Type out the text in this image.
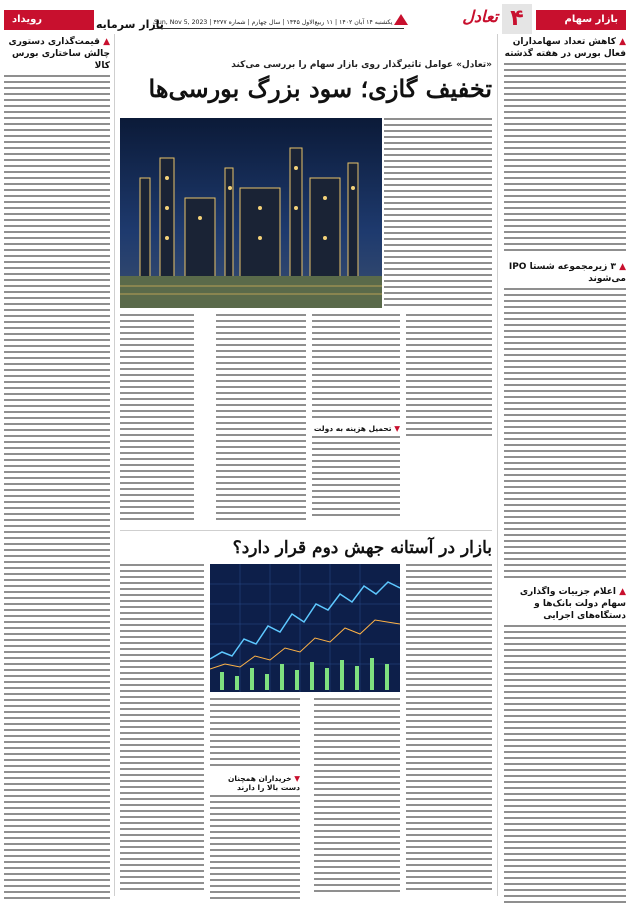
بازار سهام
۴
تعادل
یکشنبه ۱۴ آبان ۱۴۰۲ | ۱۱ ربیع‌الاول ۱۴۴۵ | سال چهارم | شماره ۴۲۷۷ | Sun, Nov 5, 2023
بازار سرمایه
رویداد
▲ کاهش تعداد سهامداران فعال بورس در هفته گذشته
▲ ۳ زیرمجموعه شستا IPO می‌شوند
▲ اعلام جزییات واگذاری سهام دولت بانک‌ها و دستگاه‌های اجرایی
▲ قیمت‌گذاری دستوری چالش ساختاری بورس کالا	«تعادل» عوامل تاثیرگذار روی بازار سهام را بررسی می‌کند
تخفیف گازی؛ سود بزرگ بورسی‌ها
▼ تحمیل هزینه به دولت
بازار در آستانه جهش دوم قرار دارد؟
▼ خریداران همچنان دست بالا را دارند
